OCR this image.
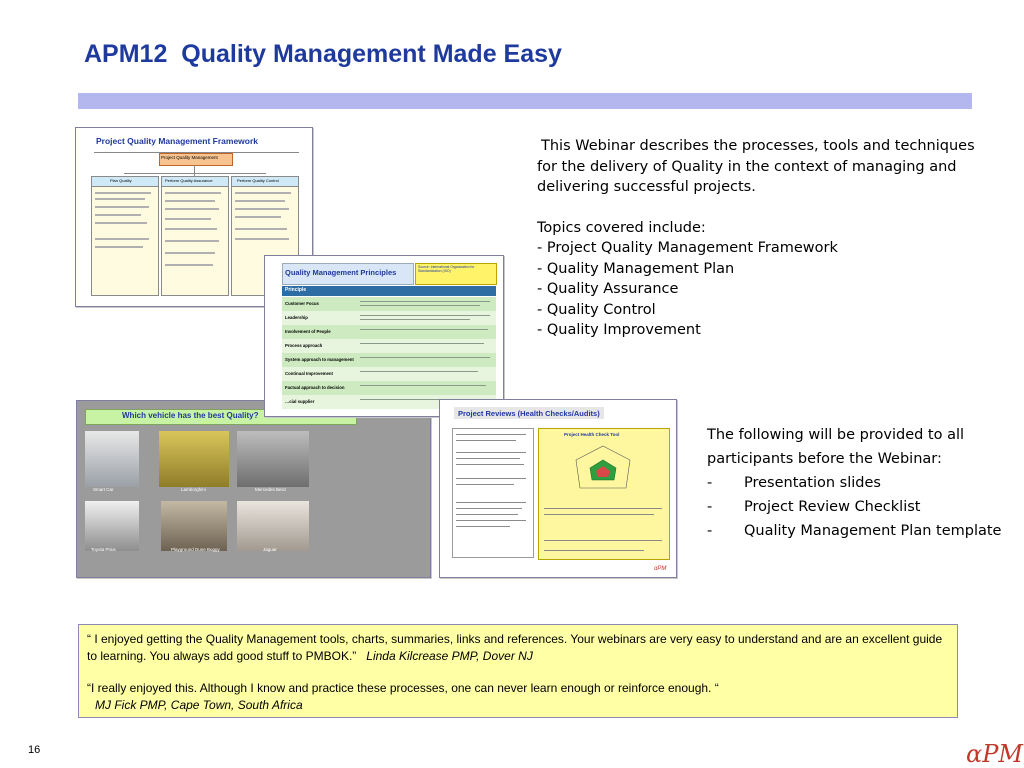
APM12  Quality Management Made Easy
Project Quality Management Framework
Project Quality Management
Plan Quality	Perform Quality Assurance	Perform Quality Control
Which vehicle has the best Quality?
Smart Car	Lamborghini	Mercedes Benz
Toyota Prius	Playground Dune Buggy	Jaguar
Quality Management Principles
Source: International Organization for Standardization (ISO)
Principle
Customer Focus
Leadership
Involvement of People
Process approach
System approach to management
Continual Improvement
Factual approach to decision
…cial supplier
Project Reviews (Health Checks/Audits)
Project Health Check Tool
αPM

This Webinar describes the processes, tools and techniques for the delivery of Quality in the context of managing and delivering successful projects.

Topics covered include:

- Project Quality Management Framework

- Quality Management Plan

- Quality Assurance

- Quality Control

- Quality Improvement

The following will be provided to all participants before the Webinar:

-	Presentation slides
-	Project Review Checklist
-	Quality Management Plan template

“ I enjoyed getting the Quality Management tools, charts, summaries, links and references. Your webinars are very easy to understand and are an excellent guide to learning. You always add good stuff to PMBOK.” Linda Kilcrease PMP, Dover NJ

“I really enjoyed this. Although I know and practice these processes, one can never learn enough or reinforce enough. “

MJ Fick PMP, Cape Town, South Africa

16	αPM
